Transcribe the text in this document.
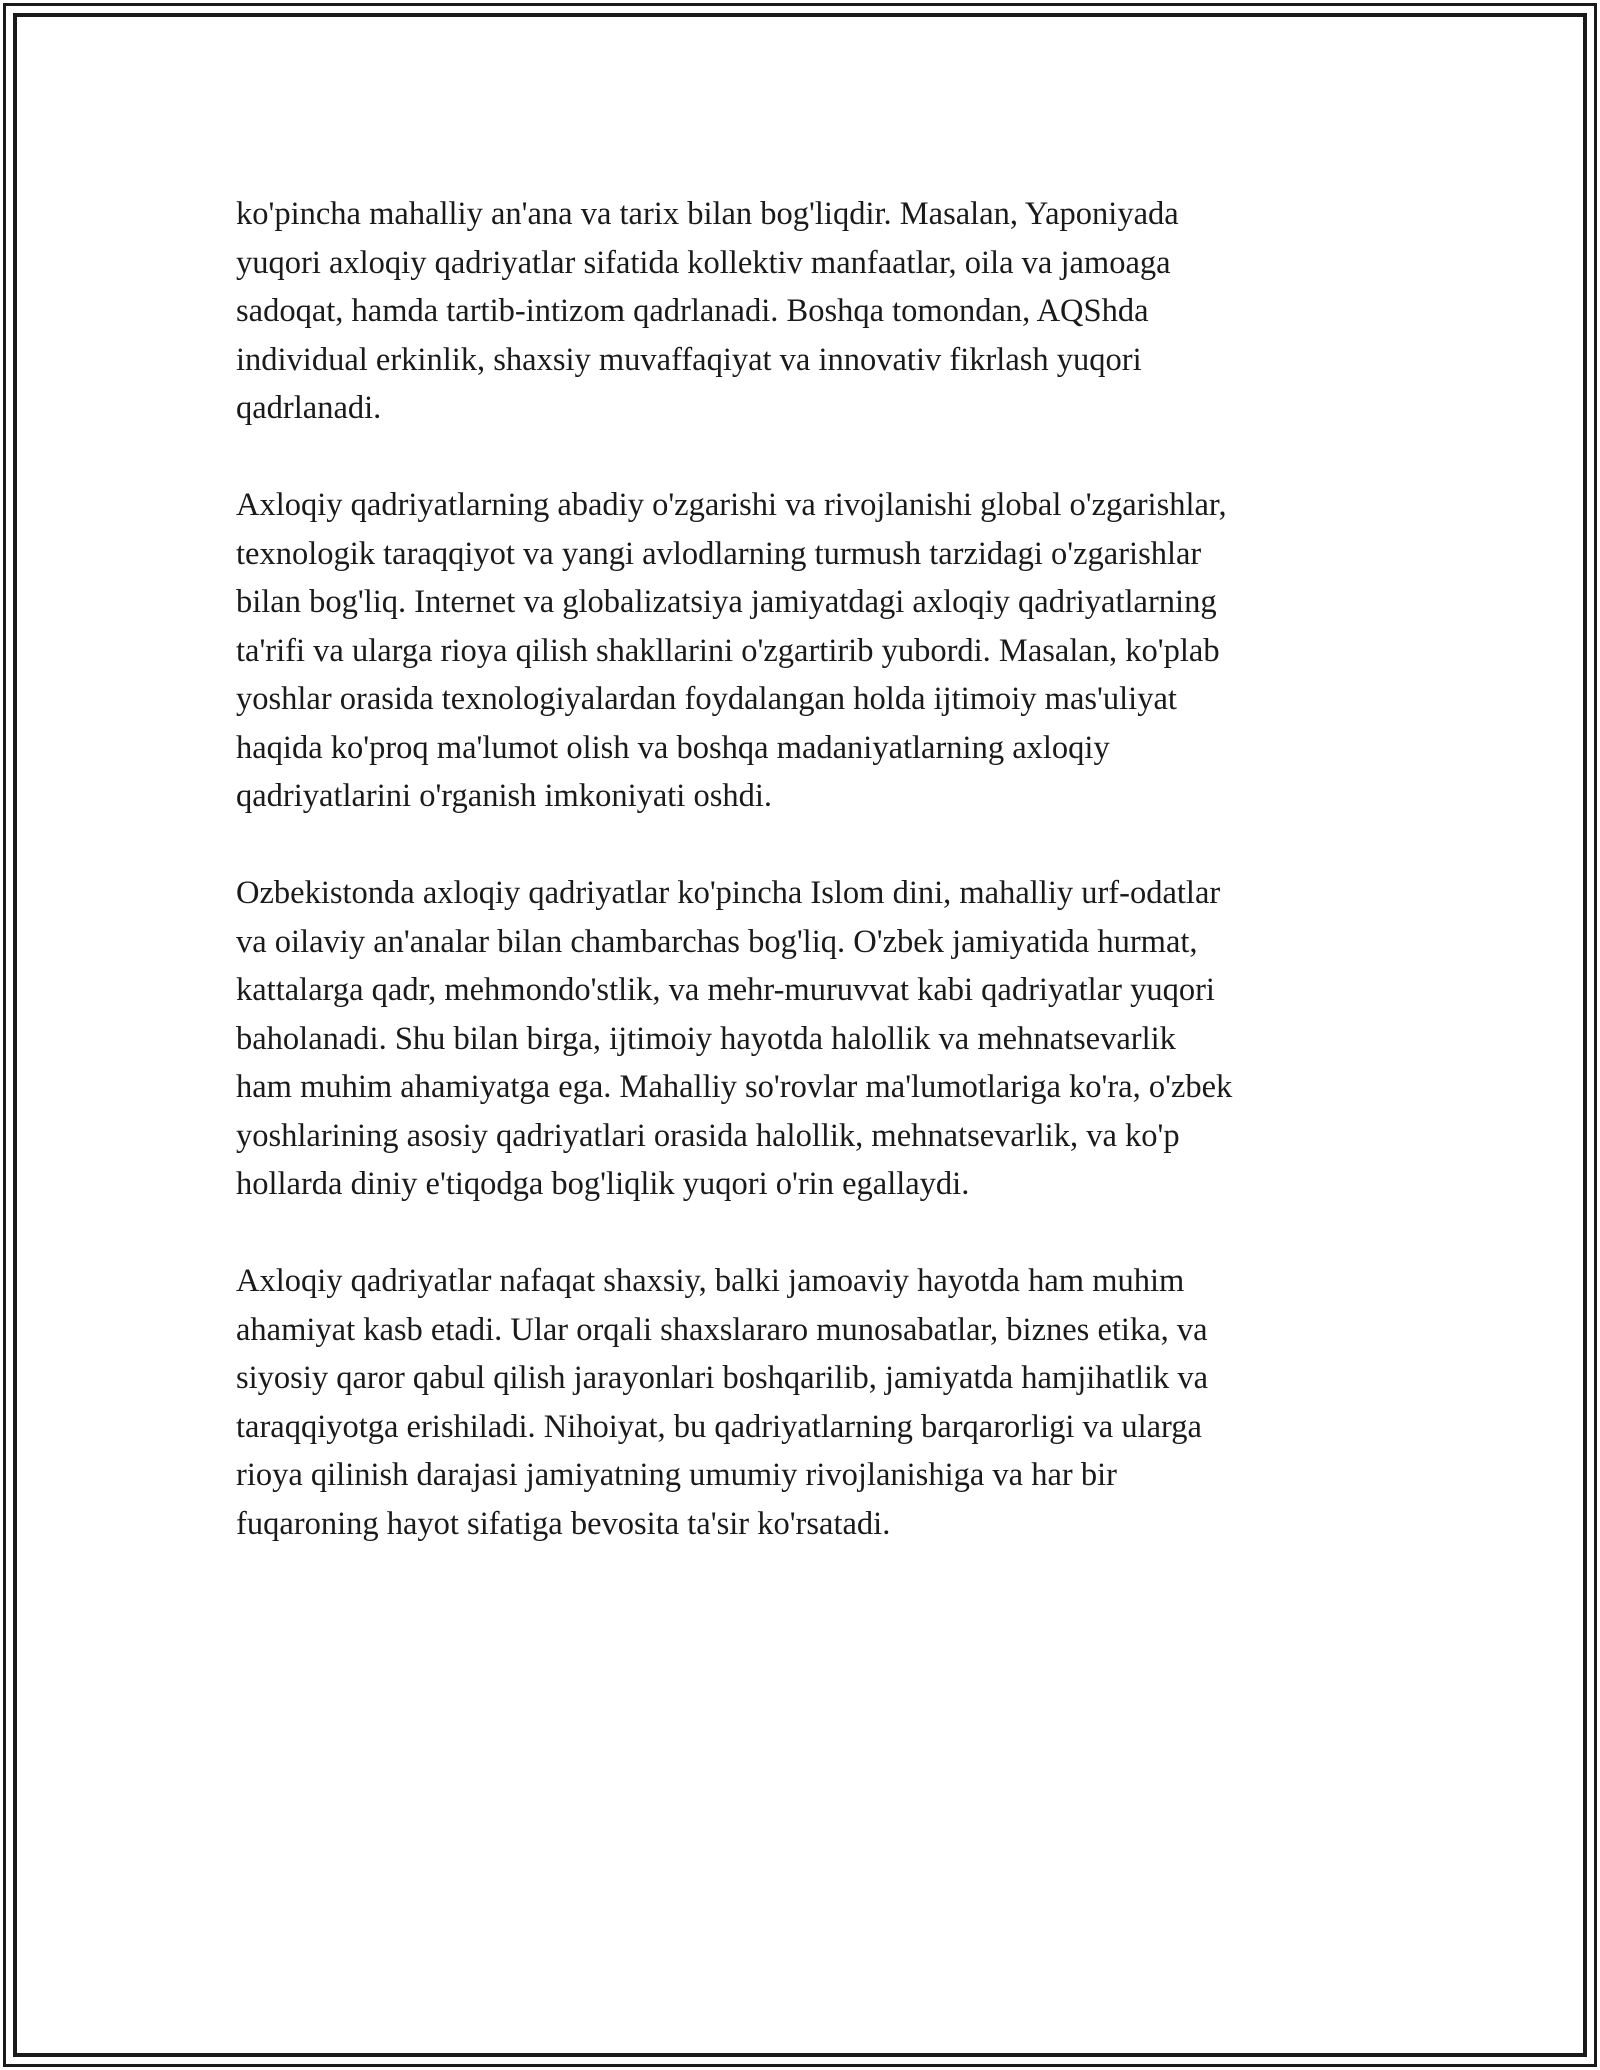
ko'pincha mahalliy an'ana va tarix bilan bog'liqdir. Masalan, Yaponiyada
yuqori axloqiy qadriyatlar sifatida kollektiv manfaatlar, oila va jamoaga
sadoqat, hamda tartib-intizom qadrlanadi. Boshqa tomondan, AQShda
individual erkinlik, shaxsiy muvaffaqiyat va innovativ fikrlash yuqori
qadrlanadi.

Axloqiy qadriyatlarning abadiy o'zgarishi va rivojlanishi global o'zgarishlar,
texnologik taraqqiyot va yangi avlodlarning turmush tarzidagi o'zgarishlar
bilan bog'liq. Internet va globalizatsiya jamiyatdagi axloqiy qadriyatlarning
ta'rifi va ularga rioya qilish shakllarini o'zgartirib yubordi. Masalan, ko'plab
yoshlar orasida texnologiyalardan foydalangan holda ijtimoiy mas'uliyat
haqida ko'proq ma'lumot olish va boshqa madaniyatlarning axloqiy
qadriyatlarini o'rganish imkoniyati oshdi.

Ozbekistonda axloqiy qadriyatlar ko'pincha Islom dini, mahalliy urf-odatlar
va oilaviy an'analar bilan chambarchas bog'liq. O'zbek jamiyatida hurmat,
kattalarga qadr, mehmondo'stlik, va mehr-muruvvat kabi qadriyatlar yuqori
baholanadi. Shu bilan birga, ijtimoiy hayotda halollik va mehnatsevarlik
ham muhim ahamiyatga ega. Mahalliy so'rovlar ma'lumotlariga ko'ra, o'zbek
yoshlarining asosiy qadriyatlari orasida halollik, mehnatsevarlik, va ko'p
hollarda diniy e'tiqodga bog'liqlik yuqori o'rin egallaydi.

Axloqiy qadriyatlar nafaqat shaxsiy, balki jamoaviy hayotda ham muhim
ahamiyat kasb etadi. Ular orqali shaxslararo munosabatlar, biznes etika, va
siyosiy qaror qabul qilish jarayonlari boshqarilib, jamiyatda hamjihatlik va
taraqqiyotga erishiladi. Nihoiyat, bu qadriyatlarning barqarorligi va ularga
rioya qilinish darajasi jamiyatning umumiy rivojlanishiga va har bir
fuqaroning hayot sifatiga bevosita ta'sir ko'rsatadi.
